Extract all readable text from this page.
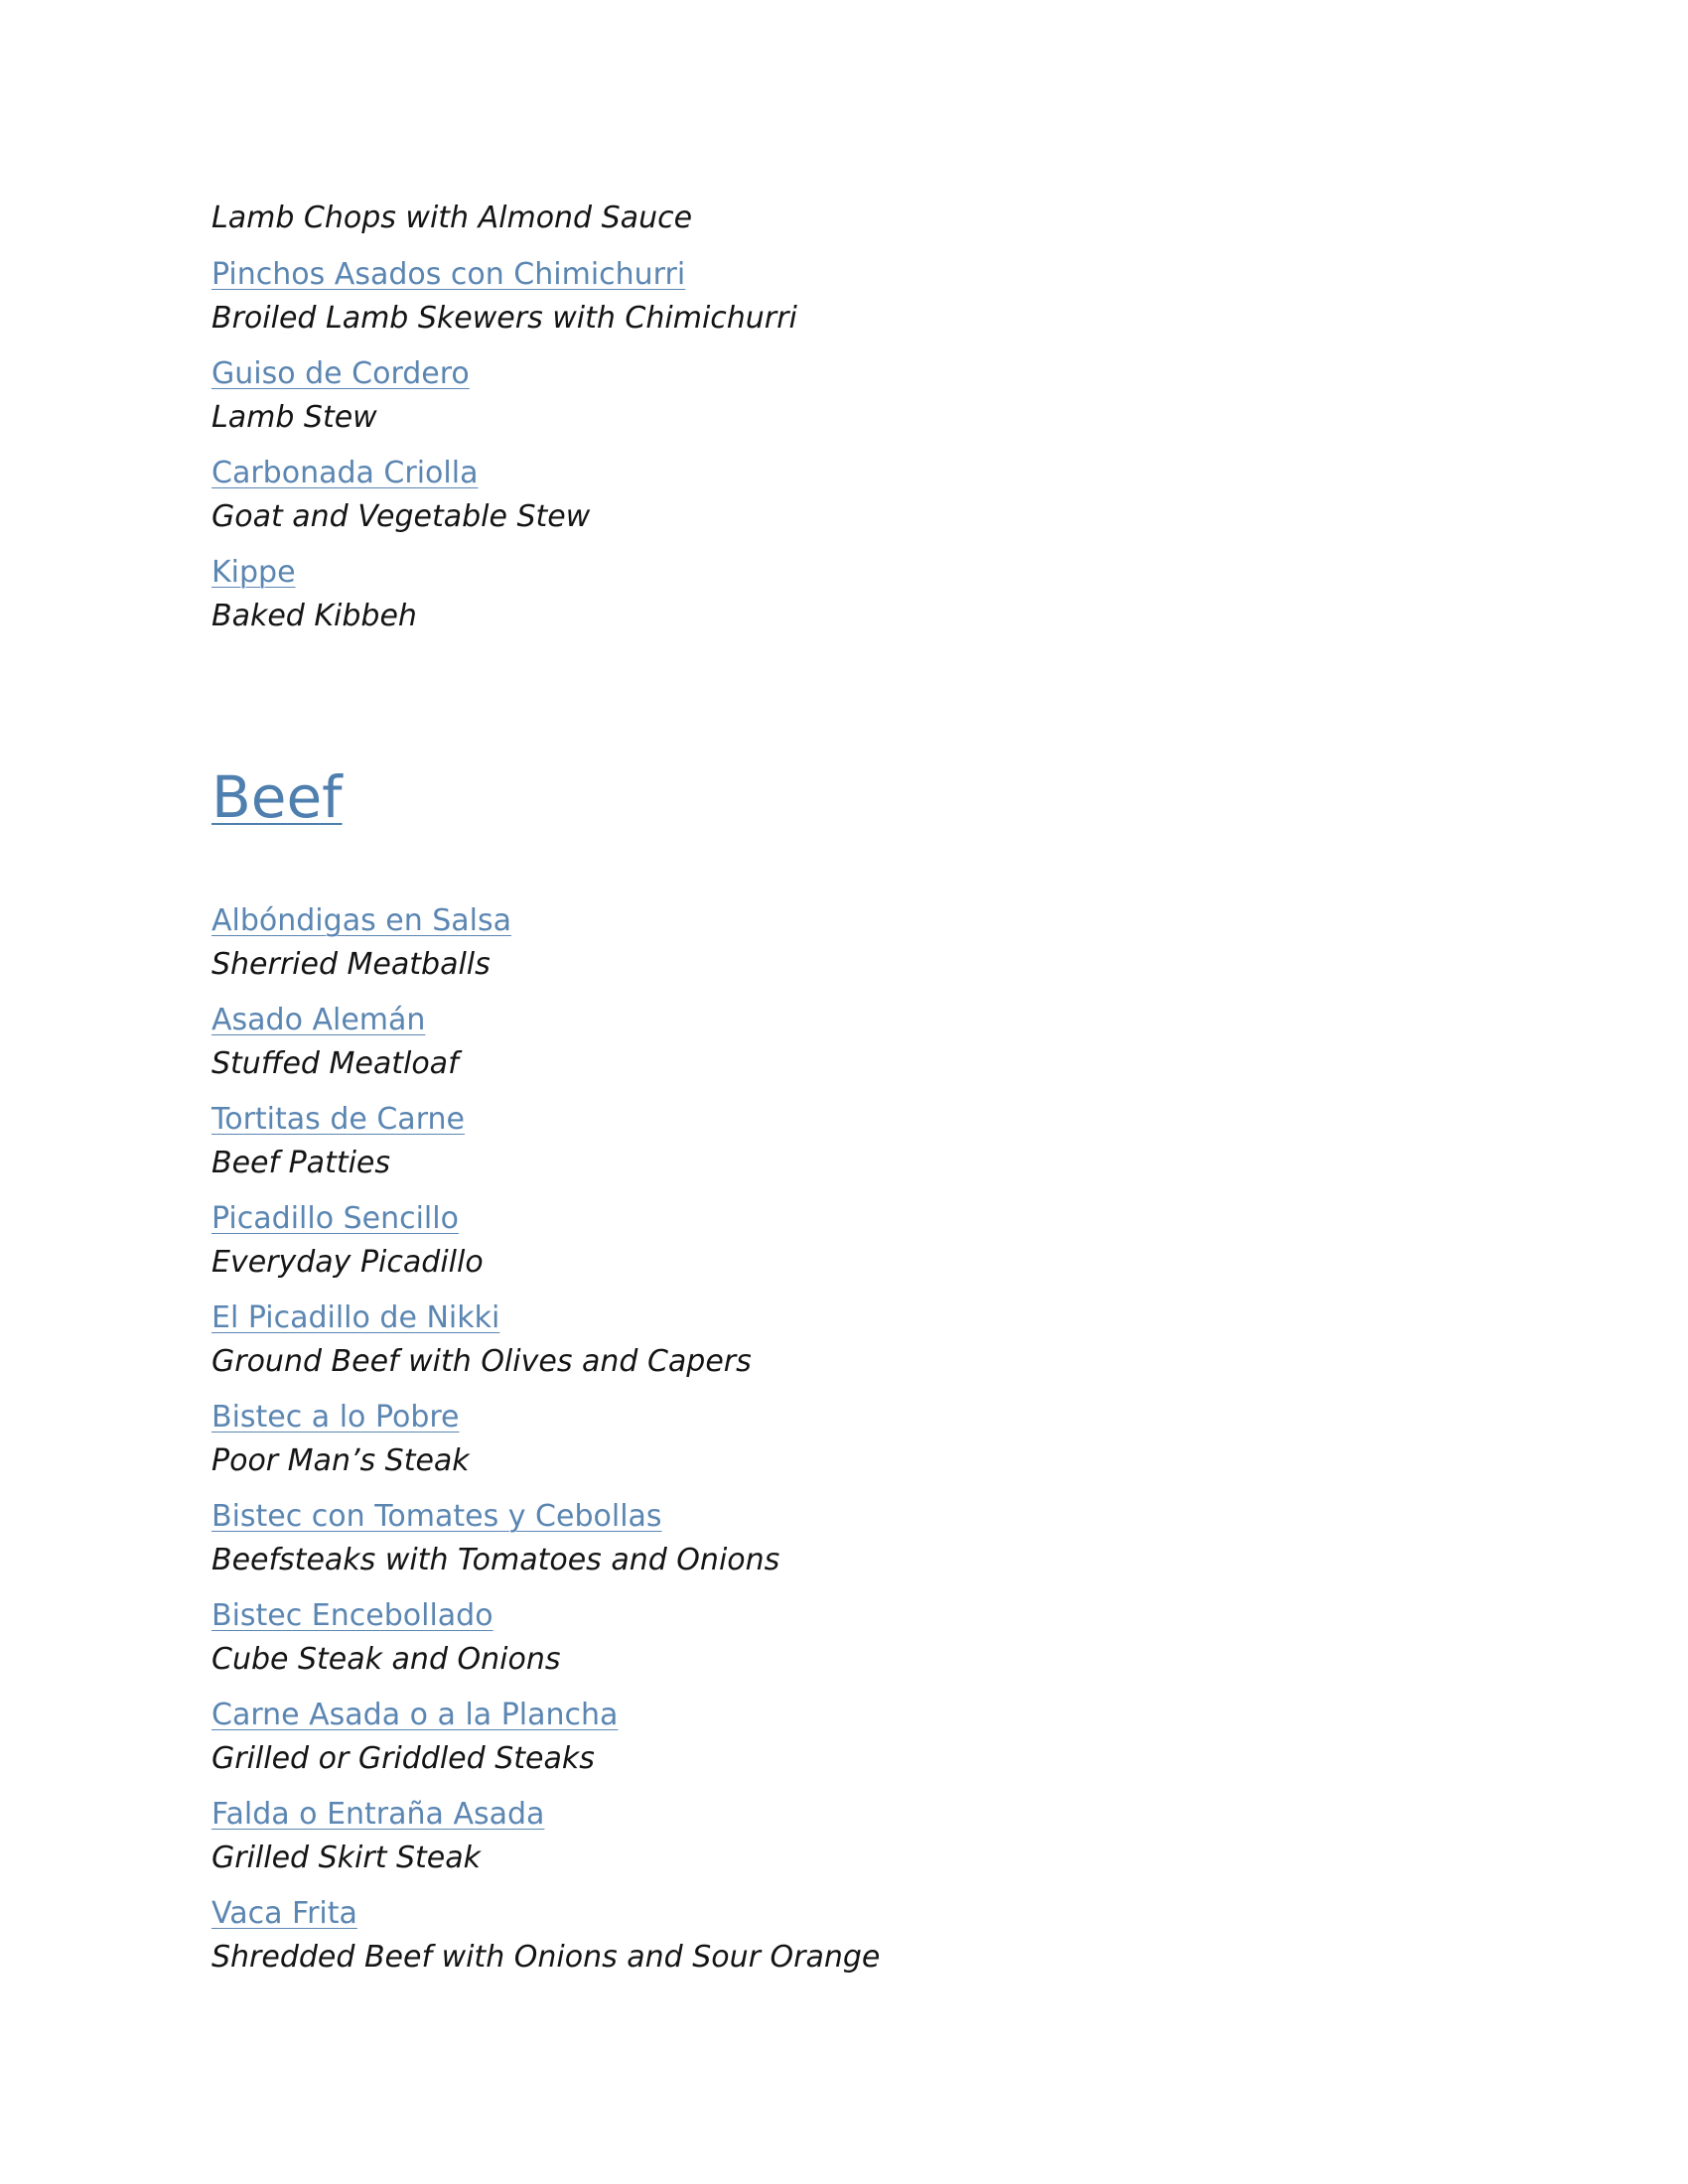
Lamb Chops with Almond Sauce
Pinchos Asados con Chimichurri
Broiled Lamb Skewers with Chimichurri
Guiso de Cordero
Lamb Stew
Carbonada Criolla
Goat and Vegetable Stew
Kippe
Baked Kibbeh
Beef
Albóndigas en Salsa
Sherried Meatballs
Asado Alemán
Stuffed Meatloaf
Tortitas de Carne
Beef Patties
Picadillo Sencillo
Everyday Picadillo
El Picadillo de Nikki
Ground Beef with Olives and Capers
Bistec a lo Pobre
Poor Man’s Steak
Bistec con Tomates y Cebollas
Beefsteaks with Tomatoes and Onions
Bistec Encebollado
Cube Steak and Onions
Carne Asada o a la Plancha
Grilled or Griddled Steaks
Falda o Entraña Asada
Grilled Skirt Steak
Vaca Frita
Shredded Beef with Onions and Sour Orange
